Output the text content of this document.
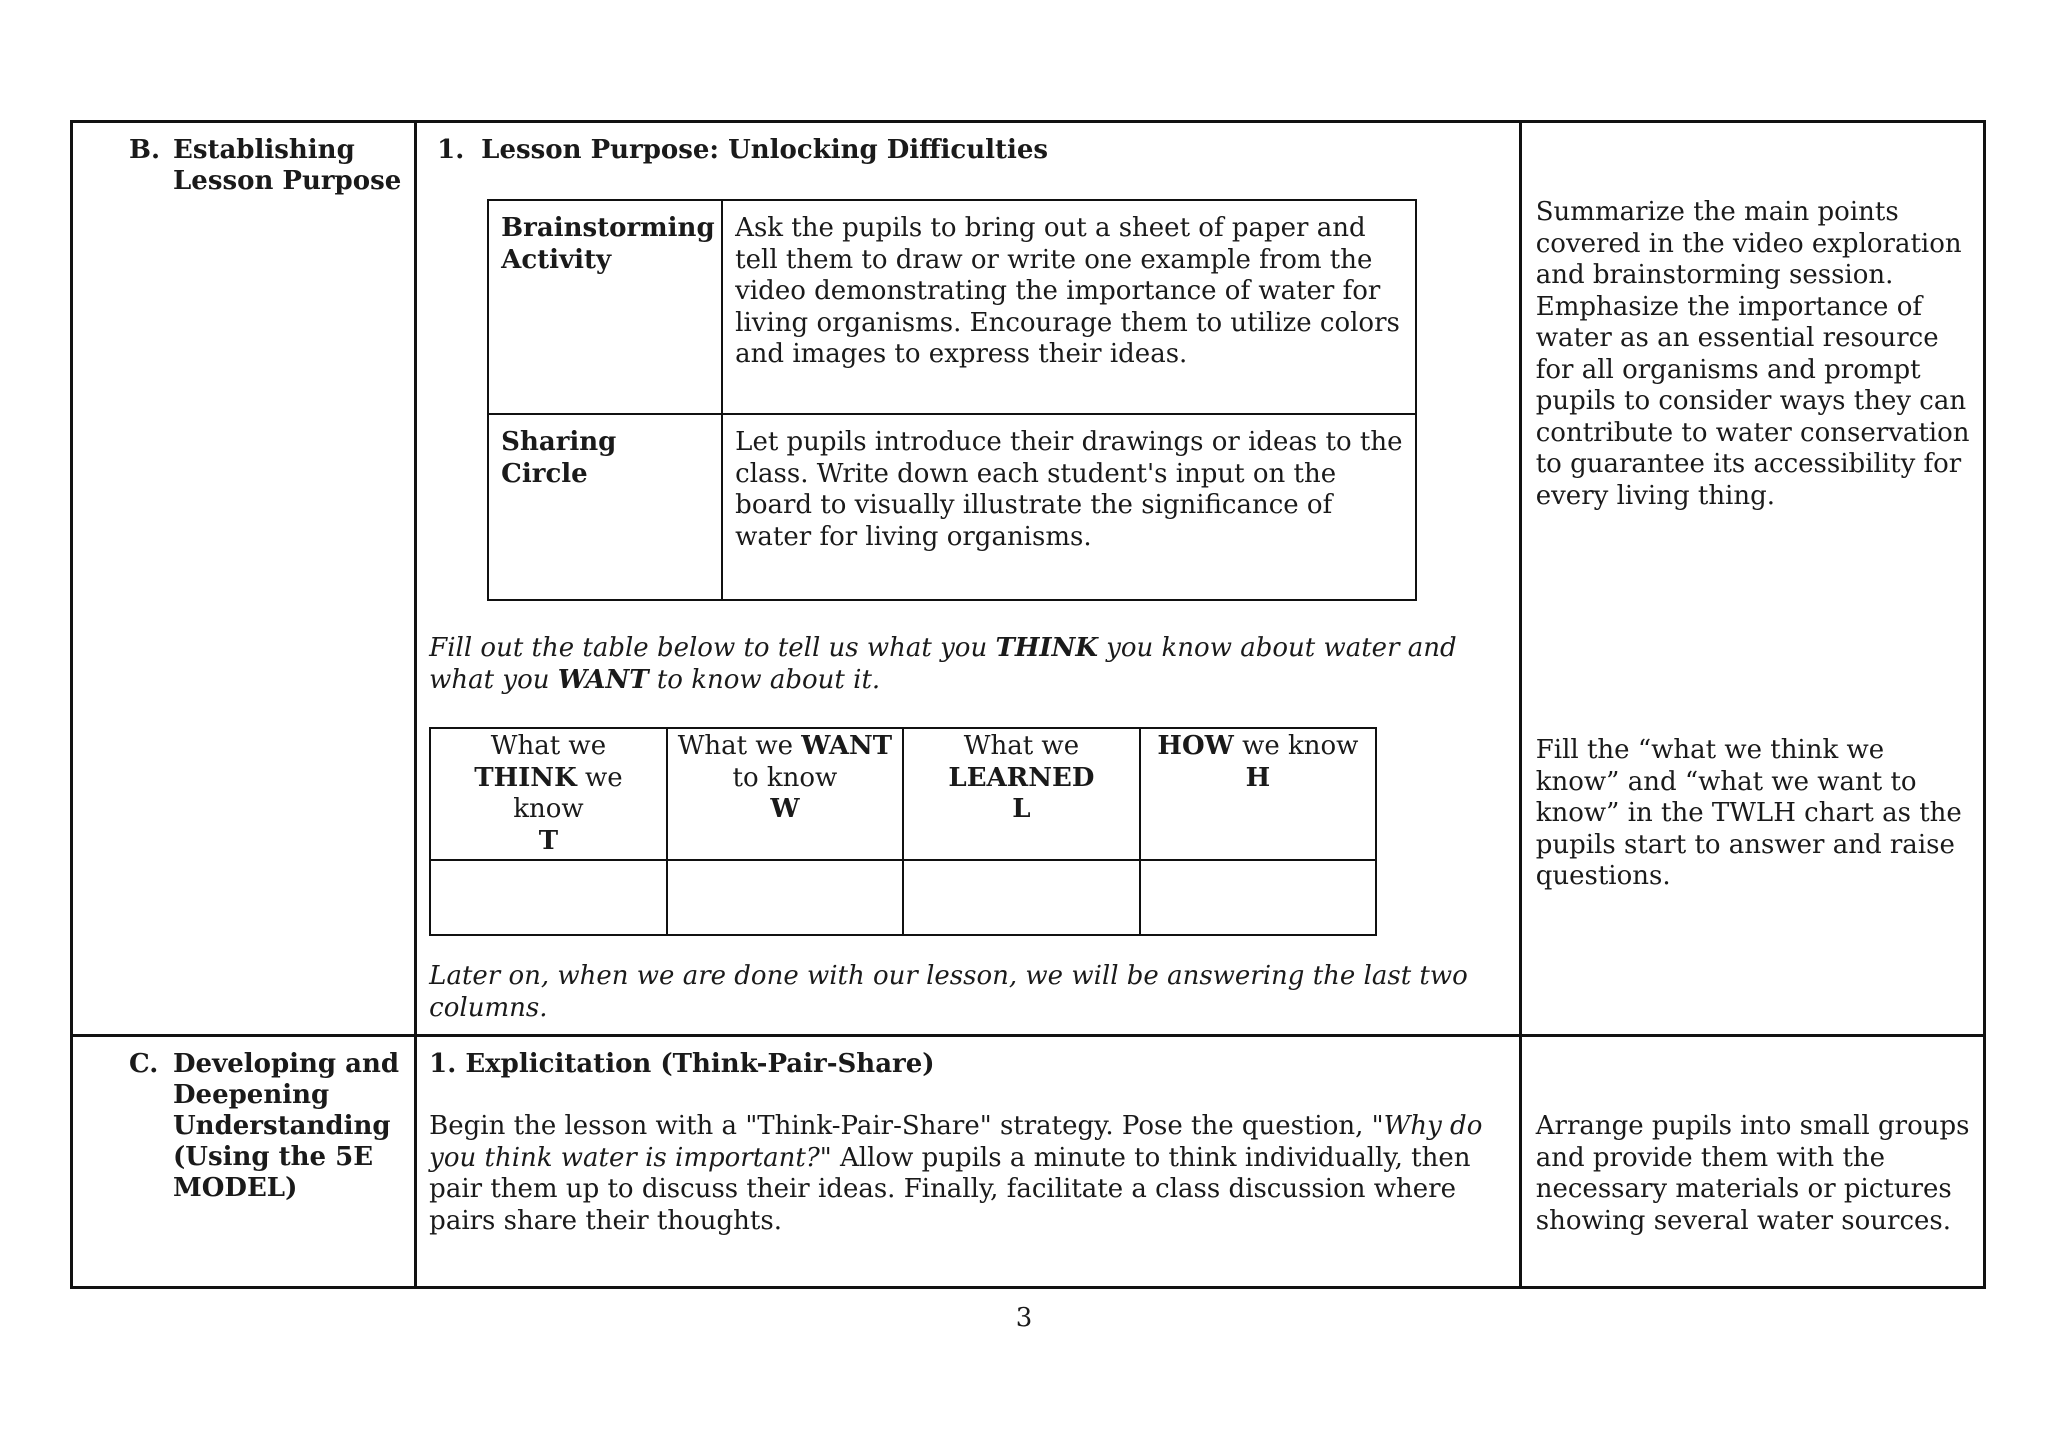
B. Establishing Lesson Purpose

1. Lesson Purpose: Unlocking Difficulties
Brainstorming Activity	Ask the pupils to bring out a sheet of paper and tell them to draw or write one example from the video demonstrating the importance of water for living organisms. Encourage them to utilize colors and images to express their ideas.
Sharing Circle	Let pupils introduce their drawings or ideas to the class. Write down each student's input on the board to visually illustrate the significance of water for living organisms.
Fill out the table below to tell us what you THINK you know about water and what you WANT to know about it.
What we
THINK we know
T
	What we WANT
to know
W
	What we
LEARNED
L
	HOW we know

H

Later on, when we are done with our lesson, we will be answering the last two columns.

Summarize the main points covered in the video exploration and brainstorming session. Emphasize the importance of water as an essential resource for all organisms and prompt pupils to consider ways they can contribute to water conservation to guarantee its accessibility for every living thing.
Fill the “what we think we know” and “what we want to know” in the TWLH chart as the pupils start to answer and raise questions.

C. Developing and Deepening Understanding (Using the 5E MODEL)

1. Explicitation (Think-Pair-Share)
Begin the lesson with a "Think-Pair-Share" strategy. Pose the question, "Why do you think water is important?" Allow pupils a minute to think individually, then pair them up to discuss their ideas. Finally, facilitate a class discussion where pairs share their thoughts.

Arrange pupils into small groups and provide them with the necessary materials or pictures showing several water sources.
3
